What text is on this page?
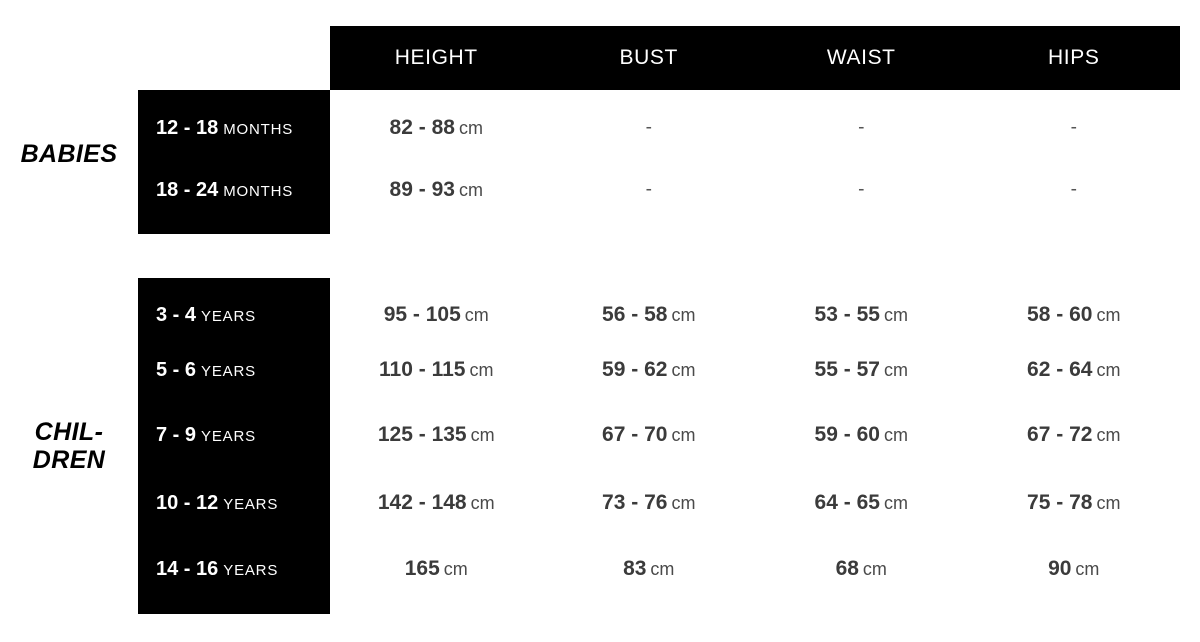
HEIGHT	BUST	WAIST	HIPS
BABIES
12 - 18 MONTHS	82 - 88 cm	-	-	-
18 - 24 MONTHS	89 - 93 cm	-	-	-
CHIL-
DREN
3 - 4 YEARS	95 - 105 cm	56 - 58 cm	53 - 55 cm	58 - 60 cm
5 - 6 YEARS	110 - 115 cm	59 - 62 cm	55 - 57 cm	62 - 64 cm
7 - 9 YEARS	125 - 135 cm	67 - 70 cm	59 - 60 cm	67 - 72 cm
10 - 12 YEARS	142 - 148 cm	73 - 76 cm	64 - 65 cm	75 - 78 cm
14 - 16 YEARS	165 cm	83 cm	68 cm	90 cm
